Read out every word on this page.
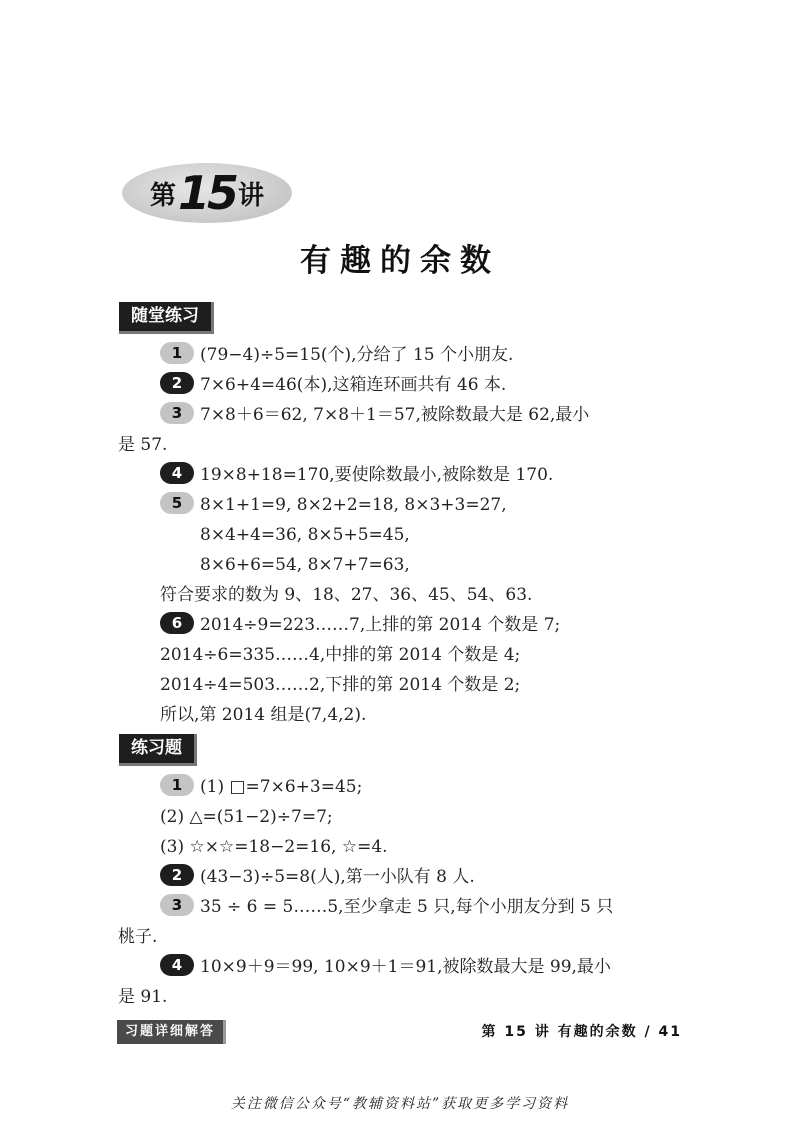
第 15 讲
有趣的余数
随堂练习
1 (79−4)÷5=15(个),分给了 15 个小朋友.
2 7×6+4=46(本),这箱连环画共有 46 本.
3 7×8＋6＝62, 7×8＋1＝57,被除数最大是 62,最小
是 57.
4 19×8+18=170,要使除数最小,被除数是 170.
5 8×1+1=9, 8×2+2=18, 8×3+3=27,
8×4+4=36, 8×5+5=45,
8×6+6=54, 8×7+7=63,
符合要求的数为 9、18、27、36、45、54、63.
6 2014÷9=223……7,上排的第 2014 个数是 7;
2014÷6=335……4,中排的第 2014 个数是 4;
2014÷4=503……2,下排的第 2014 个数是 2;
所以,第 2014 组是(7,4,2).
练习题
1 (1) □=7×6+3=45;
(2) △=(51−2)÷7=7;
(3) ☆×☆=18−2=16, ☆=4.
2 (43−3)÷5=8(人),第一小队有 8 人.
3 35 ÷ 6 = 5……5,至少拿走 5 只,每个小朋友分到 5 只
桃子.
4 10×9＋9＝99, 10×9＋1＝91,被除数最大是 99,最小
是 91.
习题详细解答	第 15 讲 有趣的余数 / 41
关注微信公众号“教辅资料站”获取更多学习资料
